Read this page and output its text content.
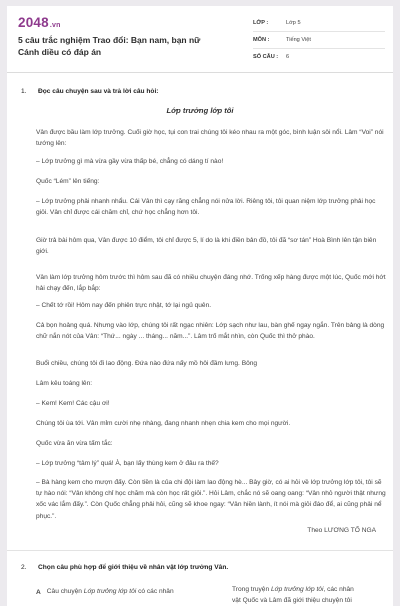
2048.vn
5 câu trắc nghiệm Trao đổi: Bạn nam, bạn nữ Cánh diều có đáp án
LỚP :	Lớp 5
MÔN :	Tiếng Việt
SỐ CÂU :	6
1. Đọc câu chuyện sau và trả lời câu hỏi:
Lớp trưởng lớp tôi

Vân được bầu làm lớp trưởng. Cuối giờ học, tụi con trai chúng tôi kéo nhau ra một góc, bình luận sôi nổi. Lâm “Voi” nói tướng lên:

– Lớp trưởng gì mà vừa gầy vừa thấp bé, chẳng có dáng tí nào!

Quốc “Lém” lên tiếng:

– Lớp trưởng phải nhanh nhẩu. Cái Vân thì cạy răng chẳng nói nửa lời. Riêng tôi, tôi quan niệm lớp trưởng phải học giỏi. Vân chỉ được cái chăm chỉ, chứ học chẳng hơn tôi.

Giờ trả bài hôm qua, Vân được 10 điểm, tôi chỉ được 5, lí do là khi điền bản đồ, tôi đã “sơ tán” Hoà Bình lên tận biên giới.

Vân làm lớp trưởng hôm trước thì hôm sau đã có nhiều chuyện đáng nhớ. Trống xếp hàng được một lúc, Quốc mới hớt hải chạy đến, lắp bắp:

– Chết tớ rồi! Hôm nay đến phiên trực nhật, tớ lại ngủ quên.

Cả bọn hoảng quá. Nhưng vào lớp, chúng tôi rất ngạc nhiên: Lớp sạch như lau, bàn ghế ngay ngắn. Trên bảng là dòng chữ nắn nót của Vân: “Thứ... ngày ... tháng... năm...”. Lâm trố mắt nhìn, còn Quốc thì thở phào.

Buổi chiều, chúng tôi đi lao động. Đứa nào đứa nấy mồ hôi đầm lưng. Bông

Lâm kêu toáng lên:

– Kem! Kem! Các cậu ơi!

Chúng tôi ùa tới. Vân mỉm cười nhẹ nhàng, đang nhanh nhẹn chia kem cho mọi người.

Quốc vừa ăn vừa tấm tắc:

– Lớp trưởng “tâm lý” quá! À, bạn lấy thùng kem ở đâu ra thế?

– Bà hàng kem cho mượn đấy. Còn tiền là của chi đội làm lao động hè... Bây giờ, có ai hỏi về lớp trưởng lớp tôi, tôi sẽ tự hào nói: “Vân không chỉ học chăm mà còn học rất giỏi.”. Hỏi Lâm, chắc nó sẽ oang oang: “Vân nhỏ người thật nhưng xốc vác lắm đấy.”. Còn Quốc chẳng phải hỏi, cũng sẽ khoe ngay: “Vân hiền lành, ít nói mà giỏi đáo để, ai cũng phải nể phục.”.

Theo LƯƠNG TỐ NGA
2. Chọn câu phù hợp để giới thiệu về nhân vật lớp trưởng Vân.
A Câu chuyện Lớp trưởng lớp tôi có các nhân	Trong truyện Lớp trưởng lớp tôi, các nhân
vật Quốc và Lâm đã giới thiệu chuyện tôi
